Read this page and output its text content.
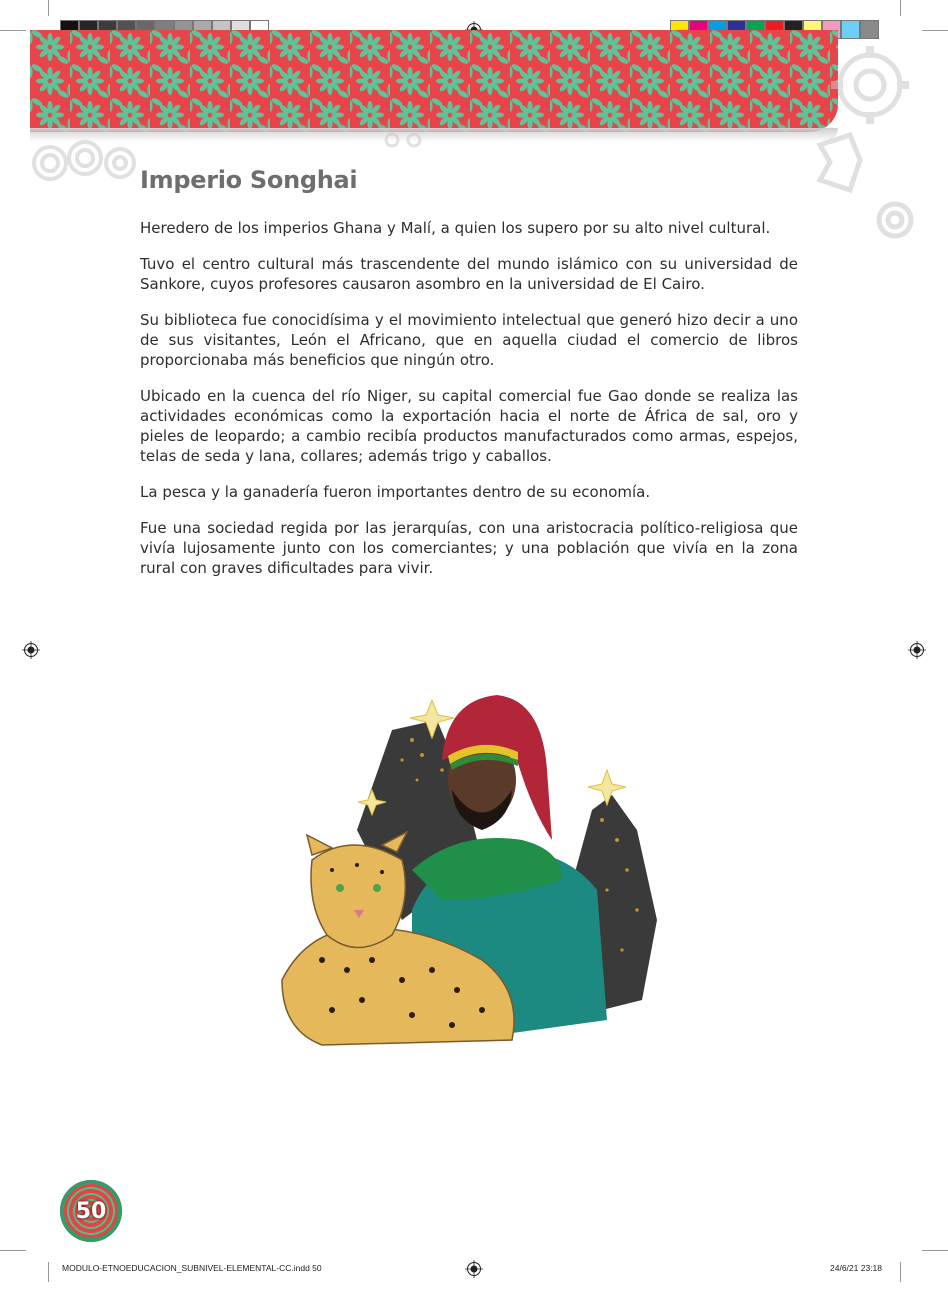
Imperio Songhai

Heredero de los imperios Ghana y Malí, a quien los supero por su alto nivel cultural.

Tuvo el centro cultural más trascendente del mundo islámico con su universidad de Sankore, cuyos profesores causaron asombro en la universidad de El Cairo.

Su biblioteca fue conocidísima y el movimiento intelectual que generó hizo decir a uno de sus visitantes, León el Africano, que en aquella ciudad el comercio de libros proporcionaba más beneficios que ningún otro.

Ubicado en la cuenca del río Niger, su capital comercial fue Gao donde se realiza las actividades económicas como la exportación hacia el norte de África de sal, oro y pieles de leopardo; a cambio recibía productos manufacturados como armas, espejos, telas de seda y lana, collares; además trigo y caballos.

La pesca y la ganadería fueron importantes dentro de su economía.

Fue una sociedad regida por las jerarquías, con una aristocracia político-religiosa que vivía lujosamente junto con los comerciantes; y una población que vivía en la zona rural con graves dificultades para vivir.

50
MODULO-ETNOEDUCACION_SUBNIVEL-ELEMENTAL-CC.indd 50	24/6/21 23:18
